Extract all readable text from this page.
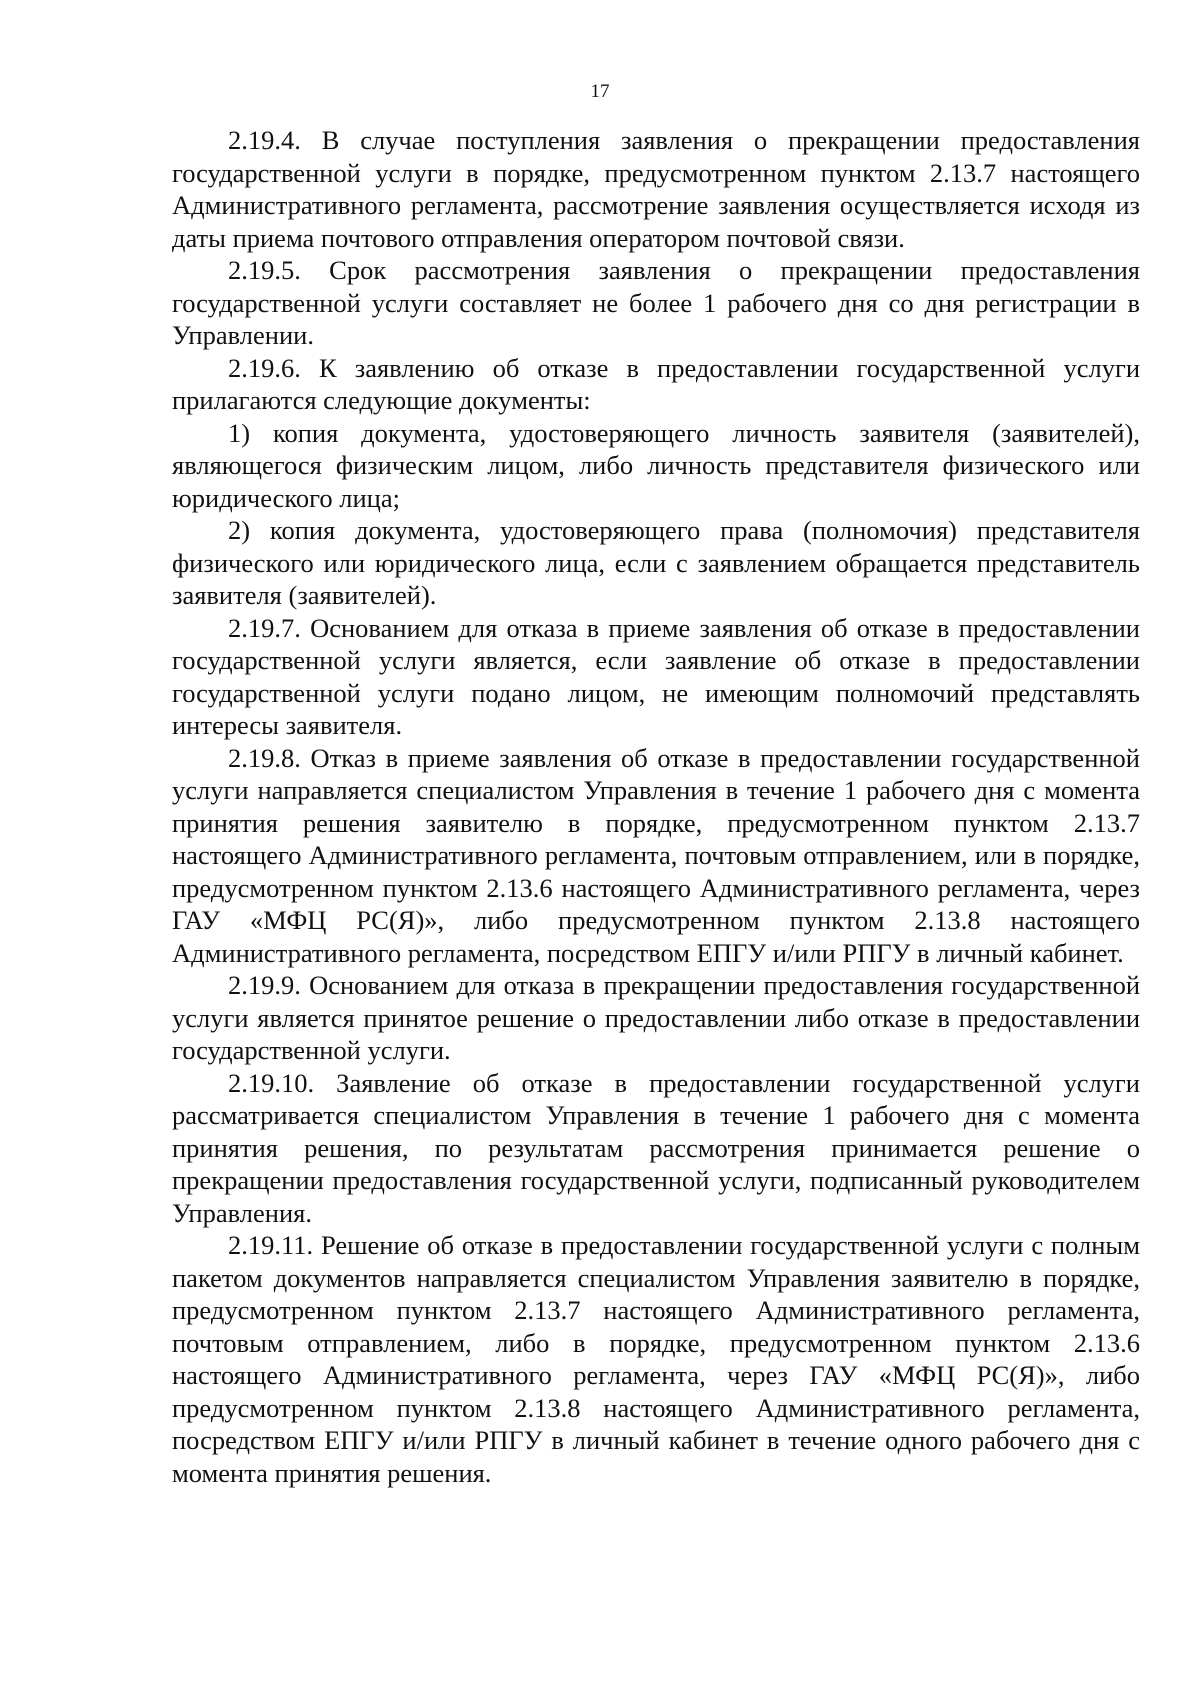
17

2.19.4. В случае поступления заявления о прекращении предоставления государственной услуги в порядке, предусмотренном пунктом 2.13.7 настоящего Административного регламента, рассмотрение заявления осуществляется исходя из даты приема почтового отправления оператором почтовой связи.

2.19.5. Срок рассмотрения заявления о прекращении предоставления государственной услуги составляет не более 1 рабочего дня со дня регистрации в Управлении.

2.19.6. К заявлению об отказе в предоставлении государственной услуги прилагаются следующие документы:

1) копия документа, удостоверяющего личность заявителя (заявителей), являющегося физическим лицом, либо личность представителя физического или юридического лица;

2) копия документа, удостоверяющего права (полномочия) представителя физического или юридического лица, если с заявлением обращается представитель заявителя (заявителей).

2.19.7. Основанием для отказа в приеме заявления об отказе в предоставлении государственной услуги является, если заявление об отказе в предоставлении государственной услуги подано лицом, не имеющим полномочий представлять интересы заявителя.

2.19.8. Отказ в приеме заявления об отказе в предоставлении государственной услуги направляется специалистом Управления в течение 1 рабочего дня с момента принятия решения заявителю в порядке, предусмотренном пунктом 2.13.7 настоящего Административного регламента, почтовым отправлением, или в порядке, предусмотренном пунктом 2.13.6 настоящего Административного регламента, через ГАУ «МФЦ РС(Я)», либо предусмотренном пунктом 2.13.8 настоящего Административного регламента, посредством ЕПГУ и/или РПГУ в личный кабинет.

2.19.9. Основанием для отказа в прекращении предоставления государственной услуги является принятое решение о предоставлении либо отказе в предоставлении государственной услуги.

2.19.10. Заявление об отказе в предоставлении государственной услуги рассматривается специалистом Управления в течение 1 рабочего дня с момента принятия решения, по результатам рассмотрения принимается решение о прекращении предоставления государственной услуги, подписанный руководителем Управления.

2.19.11. Решение об отказе в предоставлении государственной услуги с полным пакетом документов направляется специалистом Управления заявителю в порядке, предусмотренном пунктом 2.13.7 настоящего Административного регламента, почтовым отправлением, либо в порядке, предусмотренном пунктом 2.13.6 настоящего Административного регламента, через ГАУ «МФЦ РС(Я)», либо предусмотренном пунктом 2.13.8 настоящего Административного регламента, посредством ЕПГУ и/или РПГУ в личный кабинет в течение одного рабочего дня с момента принятия решения.
